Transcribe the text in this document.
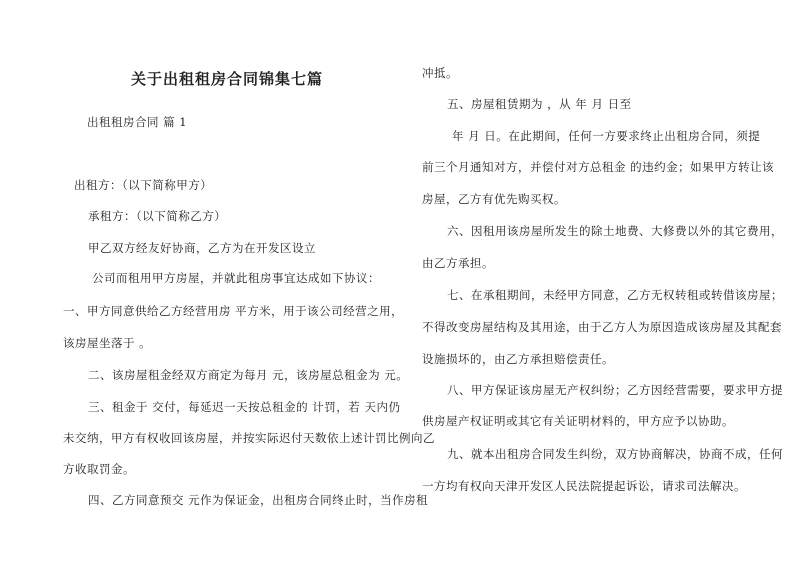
关于出租租房合同锦集七篇
出租租房合同 篇 1
出租方：（以下简称甲方）
承租方：（以下简称乙方）
甲乙双方经友好协商，乙方为在开发区设立
公司而租用甲方房屋，并就此租房事宜达成如下协议：
一、甲方同意供给乙方经营用房 平方米，用于该公司经营之用，
该房屋坐落于 。
二、该房屋租金经双方商定为每月 元，该房屋总租金为 元。
三、租金于 交付，每延迟一天按总租金的 计罚，若 天内仍
未交纳，甲方有权收回该房屋，并按实际迟付天数依上述计罚比例向乙
方收取罚金。
四、乙方同意预交 元作为保证金，出租房合同终止时，当作房租
冲抵。
五、房屋租赁期为 ，从 年 月 日至
年 月 日。在此期间，任何一方要求终止出租房合同，须提
前三个月通知对方，并偿付对方总租金 的违约金；如果甲方转让该
房屋，乙方有优先购买权。
六、因租用该房屋所发生的除土地费、大修费以外的其它费用，
由乙方承担。
七、在承租期间，未经甲方同意，乙方无权转租或转借该房屋；
不得改变房屋结构及其用途，由于乙方人为原因造成该房屋及其配套
设施损坏的，由乙方承担赔偿责任。
八、甲方保证该房屋无产权纠纷；乙方因经营需要，要求甲方提
供房屋产权证明或其它有关证明材料的，甲方应予以协助。
九、就本出租房合同发生纠纷，双方协商解决，协商不成，任何
一方均有权向天津开发区人民法院提起诉讼，请求司法解决。
